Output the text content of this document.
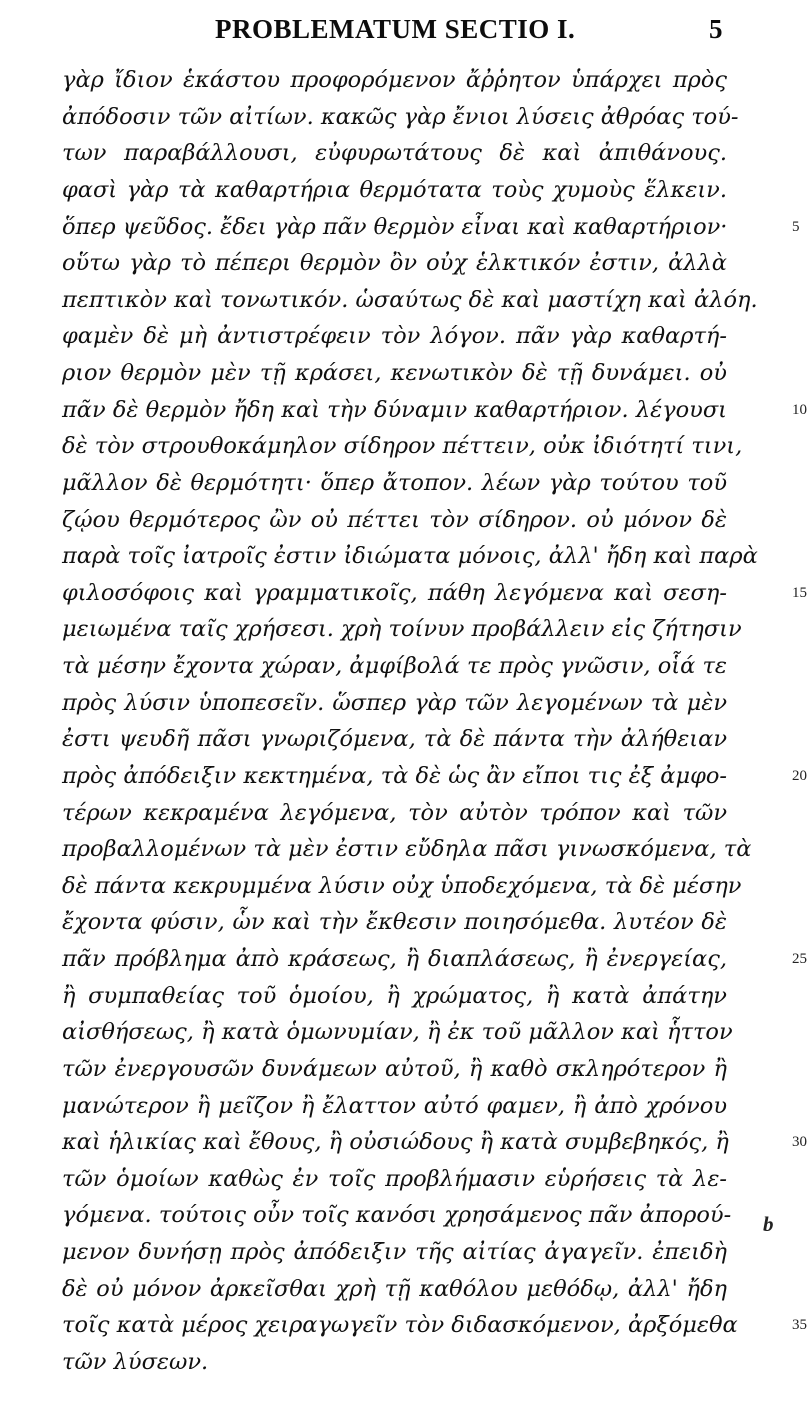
PROBLEMATUM SECTIO I.	5
γὰρ ἴδιον ἑκάστου προφορόμενον ἄῤῥητον ὑπάρχει πρὸς
ἀπόδοσιν τῶν αἰτίων. κακῶς γὰρ ἔνιοι λύσεις ἀθρόας τού-
των παραβάλλουσι, εὐφυρωτάτους δὲ καὶ ἀπιθάνους.
φασὶ γὰρ τὰ καθαρτήρια θερμότατα τοὺς χυμοὺς ἕλκειν.
ὅπερ ψεῦδος. ἔδει γὰρ πᾶν θερμὸν εἶναι καὶ καθαρτήριον·	5
οὕτω γὰρ τὸ πέπερι θερμὸν ὂν οὐχ ἑλκτικόν ἐστιν, ἀλλὰ
πεπτικὸν καὶ τονωτικόν. ὡσαύτως δὲ καὶ μαστίχη καὶ ἀλόη.
φαμὲν δὲ μὴ ἀντιστρέφειν τὸν λόγον. πᾶν γὰρ καθαρτή-
ριον θερμὸν μὲν τῇ κράσει, κενωτικὸν δὲ τῇ δυνάμει. οὐ
πᾶν δὲ θερμὸν ἤδη καὶ τὴν δύναμιν καθαρτήριον. λέγουσι	10
δὲ τὸν στρουθοκάμηλον σίδηρον πέττειν, οὐκ ἰδιότητί τινι,
μᾶλλον δὲ θερμότητι· ὅπερ ἄτοπον. λέων γὰρ τούτου τοῦ
ζῴου θερμότερος ὢν οὐ πέττει τὸν σίδηρον. οὐ μόνον δὲ
παρὰ τοῖς ἰατροῖς ἐστιν ἰδιώματα μόνοις, ἀλλ' ἤδη καὶ παρὰ
φιλοσόφοις καὶ γραμματικοῖς, πάθη λεγόμενα καὶ σεση-	15
μειωμένα ταῖς χρήσεσι. χρὴ τοίνυν προβάλλειν εἰς ζήτησιν
τὰ μέσην ἔχοντα χώραν, ἀμφίβολά τε πρὸς γνῶσιν, οἷά τε
πρὸς λύσιν ὑποπεσεῖν. ὥσπερ γὰρ τῶν λεγομένων τὰ μὲν
ἐστι ψευδῆ πᾶσι γνωριζόμενα, τὰ δὲ πάντα τὴν ἀλήθειαν
πρὸς ἀπόδειξιν κεκτημένα, τὰ δὲ ὡς ἂν εἴποι τις ἐξ ἀμφο-	20
τέρων κεκραμένα λεγόμενα, τὸν αὐτὸν τρόπον καὶ τῶν
προβαλλομένων τὰ μὲν ἐστιν εὔδηλα πᾶσι γινωσκόμενα, τὰ
δὲ πάντα κεκρυμμένα λύσιν οὐχ ὑποδεχόμενα, τὰ δὲ μέσην
ἔχοντα φύσιν, ὧν καὶ τὴν ἔκθεσιν ποιησόμεθα. λυτέον δὲ
πᾶν πρόβλημα ἀπὸ κράσεως, ἢ διαπλάσεως, ἢ ἐνεργείας,	25
ἢ συμπαθείας τοῦ ὁμοίου, ἢ χρώματος, ἢ κατὰ ἀπάτην
αἰσθήσεως, ἢ κατὰ ὁμωνυμίαν, ἢ ἐκ τοῦ μᾶλλον καὶ ἧττον
τῶν ἐνεργουσῶν δυνάμεων αὐτοῦ, ἢ καθὸ σκληρότερον ἢ
μανώτερον ἢ μεῖζον ἢ ἔλαττον αὐτό φαμεν, ἢ ἀπὸ χρόνου
καὶ ἡλικίας καὶ ἔθους, ἢ οὐσιώδους ἢ κατὰ συμβεβηκός, ἢ	30
τῶν ὁμοίων καθὼς ἐν τοῖς προβλήμασιν εὑρήσεις τὰ λε-
γόμενα. τούτοις οὖν τοῖς κανόσι χρησάμενος πᾶν ἀπορού-
μενον δυνήσῃ πρὸς ἀπόδειξιν τῆς αἰτίας ἀγαγεῖν. ἐπειδὴ
δὲ οὐ μόνον ἀρκεῖσθαι χρὴ τῇ καθόλου μεθόδῳ, ἀλλ' ἤδη
τοῖς κατὰ μέρος χειραγωγεῖν τὸν διδασκόμενον, ἀρξόμεθα	35
τῶν λύσεων.
b
